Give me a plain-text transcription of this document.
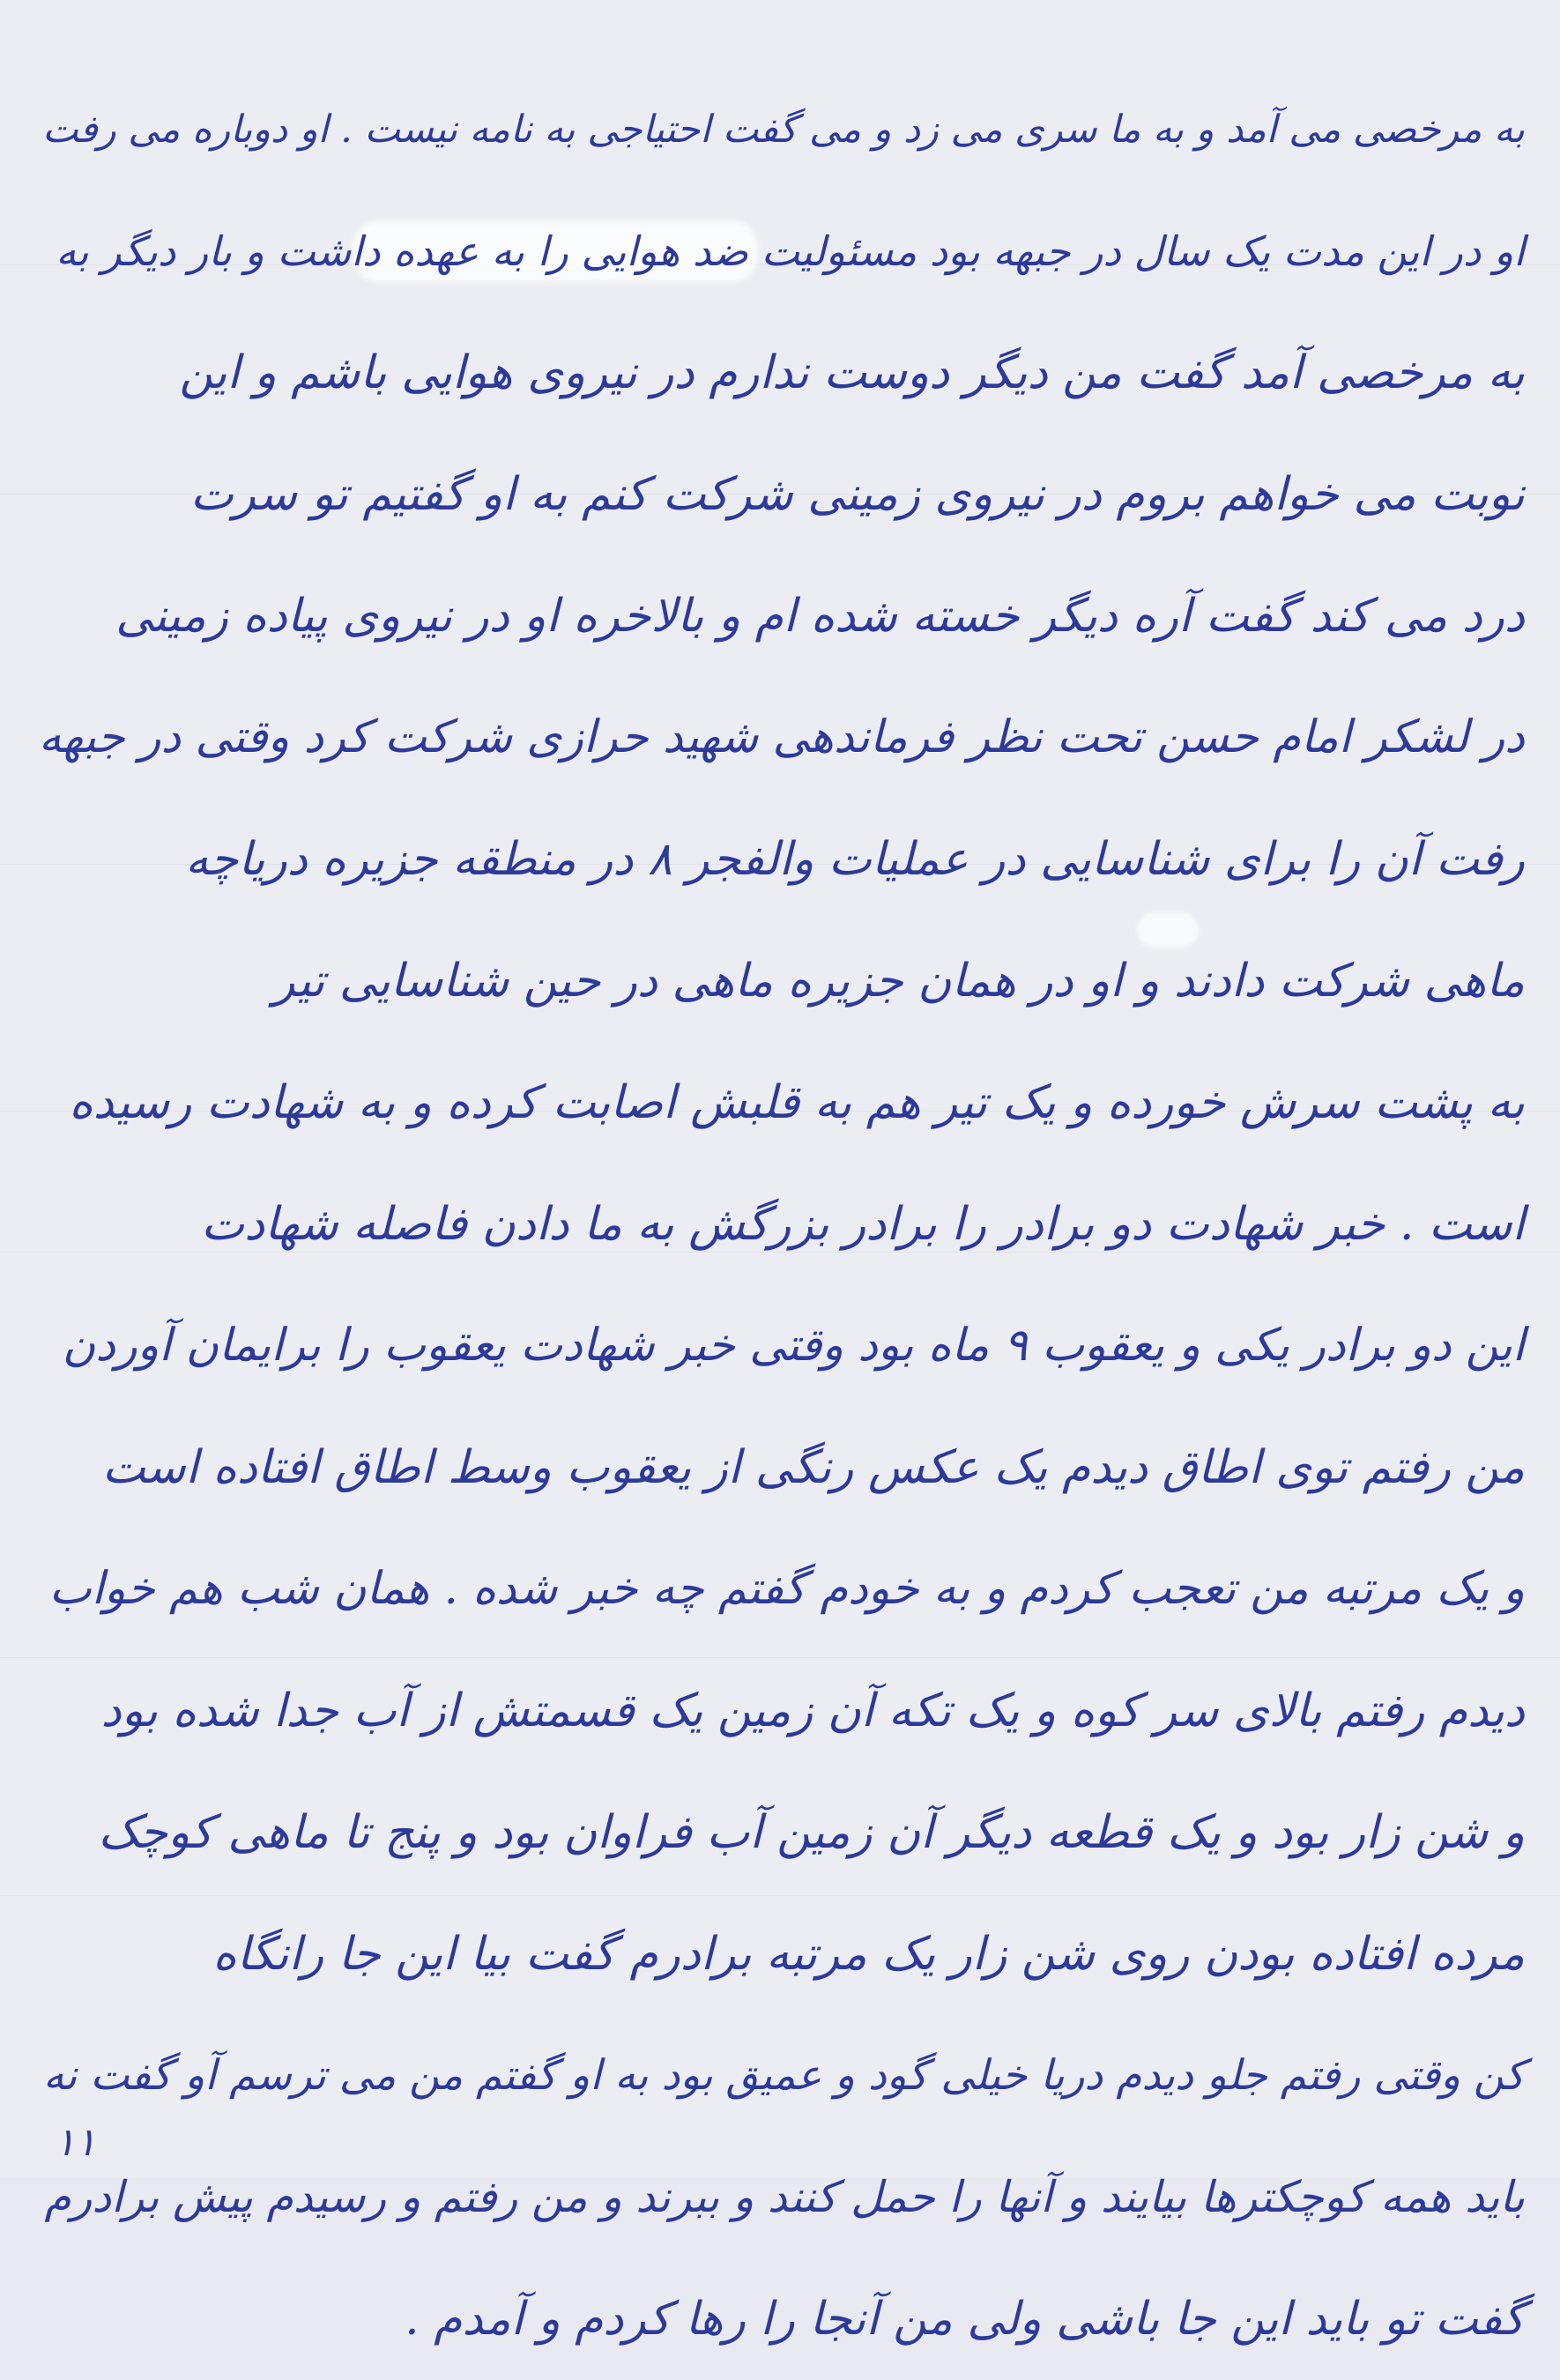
به مرخصی می آمد و به ما سری می زد و می گفت احتیاجی به نامه نیست . او دوباره می رفت
او در این مدت یک سال در جبهه بود مسئولیت ضد هوایی را به عهده داشت و بار دیگر به
به مرخصی آمد گفت من دیگر دوست ندارم در نیروی هوایی باشم و این
نوبت می خواهم بروم در نیروی زمینی شرکت کنم به او گفتیم تو سرت
درد می کند گفت آره دیگر خسته شده ام و بالاخره او در نیروی پیاده زمینی
در لشکر امام حسن تحت نظر فرماندهی شهید حرازی شرکت کرد وقتی در جبهه
رفت آن را برای شناسایی در عملیات والفجر ۸ در منطقه جزیره دریاچه
ماهی شرکت دادند و او در همان جزیره ماهی در حین شناسایی تیر
به پشت سرش خورده و یک تیر هم به قلبش اصابت کرده و به شهادت رسیده
است . خبر شهادت دو برادر را برادر بزرگش به ما دادن فاصله شهادت
این دو برادر یکی و یعقوب ۹ ماه بود وقتی خبر شهادت یعقوب را برایمان آوردن
من رفتم توی اطاق دیدم یک عکس رنگی از یعقوب وسط اطاق افتاده است
و یک مرتبه من تعجب کردم و به خودم گفتم چه خبر شده . همان شب هم خواب
دیدم رفتم بالای سر کوه و یک تکه آن زمین یک قسمتش از آب جدا شده بود
و شن زار بود و یک قطعه دیگر آن زمین آب فراوان بود و پنج تا ماهی کوچک
مرده افتاده بودن روی شن زار یک مرتبه برادرم گفت بیا این جا رانگاه
کن وقتی رفتم جلو دیدم دریا خیلی گود و عمیق بود به او گفتم من می ترسم آو گفت نه
باید همه کوچکترها بیایند و آنها را حمل کنند و ببرند و من رفتم و رسیدم پیش برادرم
گفت تو باید این جا باشی ولی من آنجا را رها کردم و آمدم .
۱۱
